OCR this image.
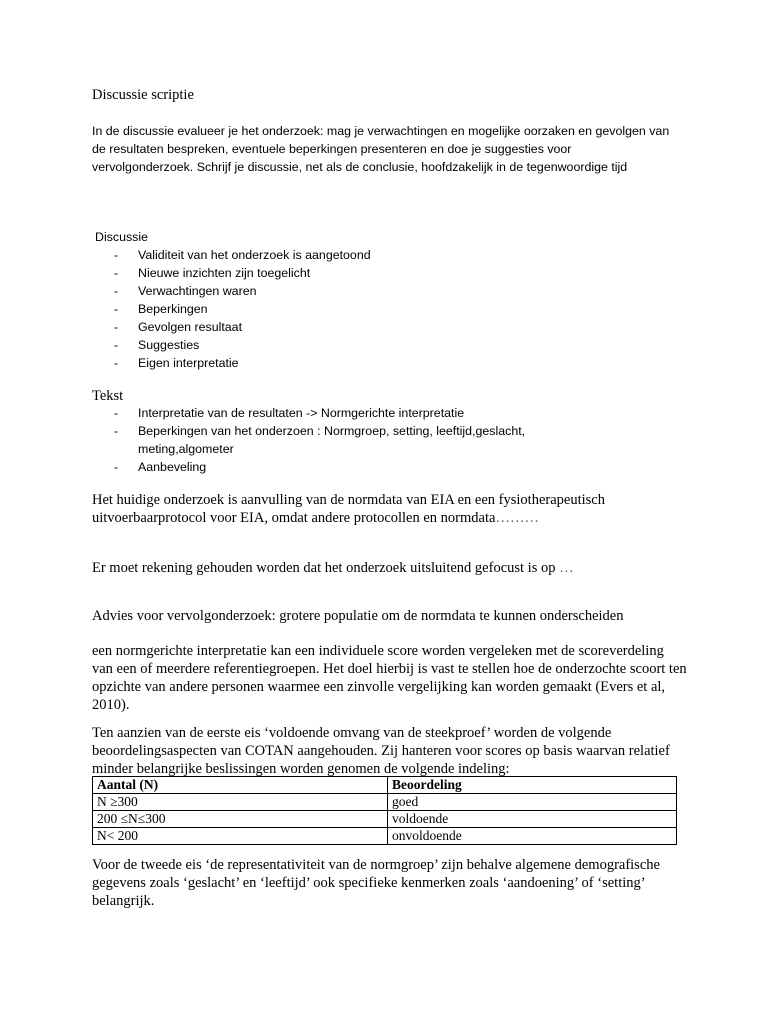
Discussie scriptie

In de discussie evalueer je het onderzoek: mag je verwachtingen en mogelijke oorzaken en gevolgen van de resultaten bespreken, eventuele beperkingen presenteren en doe je suggesties voor vervolgonderzoek. Schrijf je discussie, net als de conclusie, hoofdzakelijk in de tegenwoordige tijd

Discussie

- Validiteit van het onderzoek is aangetoond
- Nieuwe inzichten zijn toegelicht
- Verwachtingen waren
- Beperkingen
- Gevolgen resultaat
- Suggesties
- Eigen interpretatie

Tekst

- Interpretatie van de resultaten -> Normgerichte interpretatie
- Beperkingen van het onderzoen : Normgroep, setting, leeftijd,geslacht, meting,algometer
- Aanbeveling

Het huidige onderzoek is aanvulling van de normdata van EIA en een fysiotherapeutisch uitvoerbaarprotocol voor EIA, omdat andere protocollen en normdata………

Er moet rekening gehouden worden dat het onderzoek uitsluitend gefocust is op …

Advies voor vervolgonderzoek: grotere populatie om de normdata te kunnen onderscheiden

een normgerichte interpretatie kan een individuele score worden vergeleken met de scoreverdeling van een of meerdere referentiegroepen. Het doel hierbij is vast te stellen hoe de onderzochte scoort ten opzichte van andere personen waarmee een zinvolle vergelijking kan worden gemaakt (Evers et al, 2010).

Ten aanzien van de eerste eis ‘voldoende omvang van de steekproef’ worden de volgende beoordelingsaspecten van COTAN aangehouden. Zij hanteren voor scores op basis waarvan relatief minder belangrijke beslissingen worden genomen de volgende indeling:

Aantal (N)	Beoordeling
N ≥300	goed
200 ≤N≤300	voldoende
N< 200	onvoldoende

Voor de tweede eis ‘de representativiteit van de normgroep’ zijn behalve algemene demografische gegevens zoals ‘geslacht’ en ‘leeftijd’ ook specifieke kenmerken zoals ‘aandoening’ of ‘setting’ belangrijk.
